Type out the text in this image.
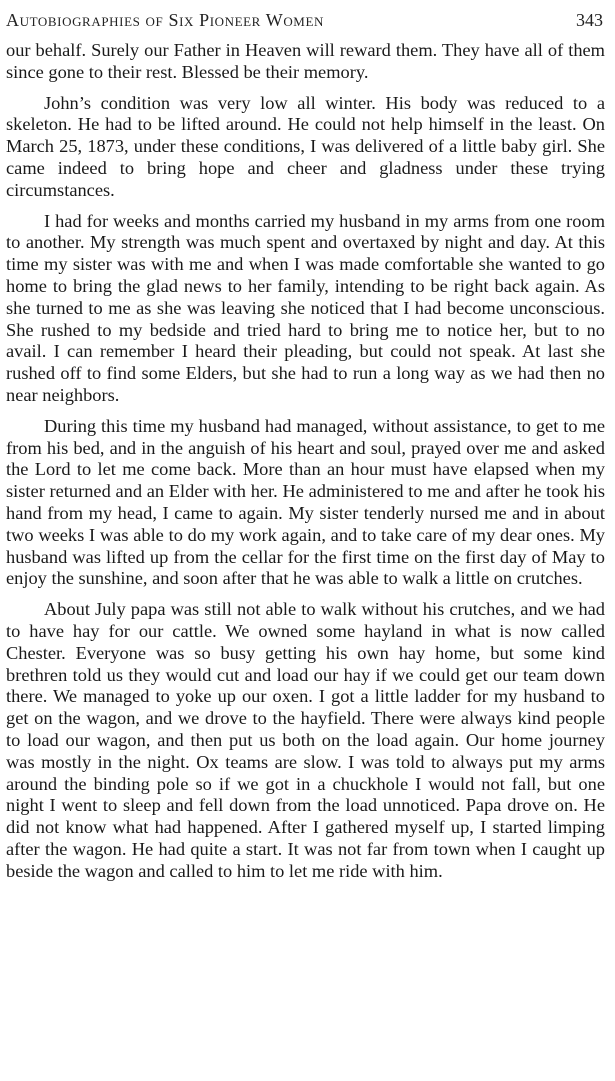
Autobiographies of Six Pioneer Women	343

our behalf. Surely our Father in Heaven will reward them. They have all of them since gone to their rest. Blessed be their memory.

John’s condition was very low all winter. His body was reduced to a skeleton. He had to be lifted around. He could not help himself in the least. On March 25, 1873, under these conditions, I was delivered of a little baby girl. She came indeed to bring hope and cheer and gladness under these trying circumstances.

I had for weeks and months carried my husband in my arms from one room to another. My strength was much spent and overtaxed by night and day. At this time my sister was with me and when I was made comfortable she wanted to go home to bring the glad news to her family, intending to be right back again. As she turned to me as she was leaving she noticed that I had become unconscious. She rushed to my bedside and tried hard to bring me to notice her, but to no avail. I can remember I heard their pleading, but could not speak. At last she rushed off to find some Elders, but she had to run a long way as we had then no near neighbors.

During this time my husband had managed, without assistance, to get to me from his bed, and in the anguish of his heart and soul, prayed over me and asked the Lord to let me come back. More than an hour must have elapsed when my sister returned and an Elder with her. He administered to me and after he took his hand from my head, I came to again. My sister tenderly nursed me and in about two weeks I was able to do my work again, and to take care of my dear ones. My husband was lifted up from the cellar for the first time on the first day of May to enjoy the sunshine, and soon after that he was able to walk a little on crutches.

About July papa was still not able to walk without his crutches, and we had to have hay for our cattle. We owned some hayland in what is now called Chester. Everyone was so busy getting his own hay home, but some kind brethren told us they would cut and load our hay if we could get our team down there. We managed to yoke up our oxen. I got a little ladder for my husband to get on the wagon, and we drove to the hayfield. There were always kind people to load our wagon, and then put us both on the load again. Our home journey was mostly in the night. Ox teams are slow. I was told to always put my arms around the binding pole so if we got in a chuckhole I would not fall, but one night I went to sleep and fell down from the load unnoticed. Papa drove on. He did not know what had happened. After I gathered myself up, I started limping after the wagon. He had quite a start. It was not far from town when I caught up beside the wagon and called to him to let me ride with him.
